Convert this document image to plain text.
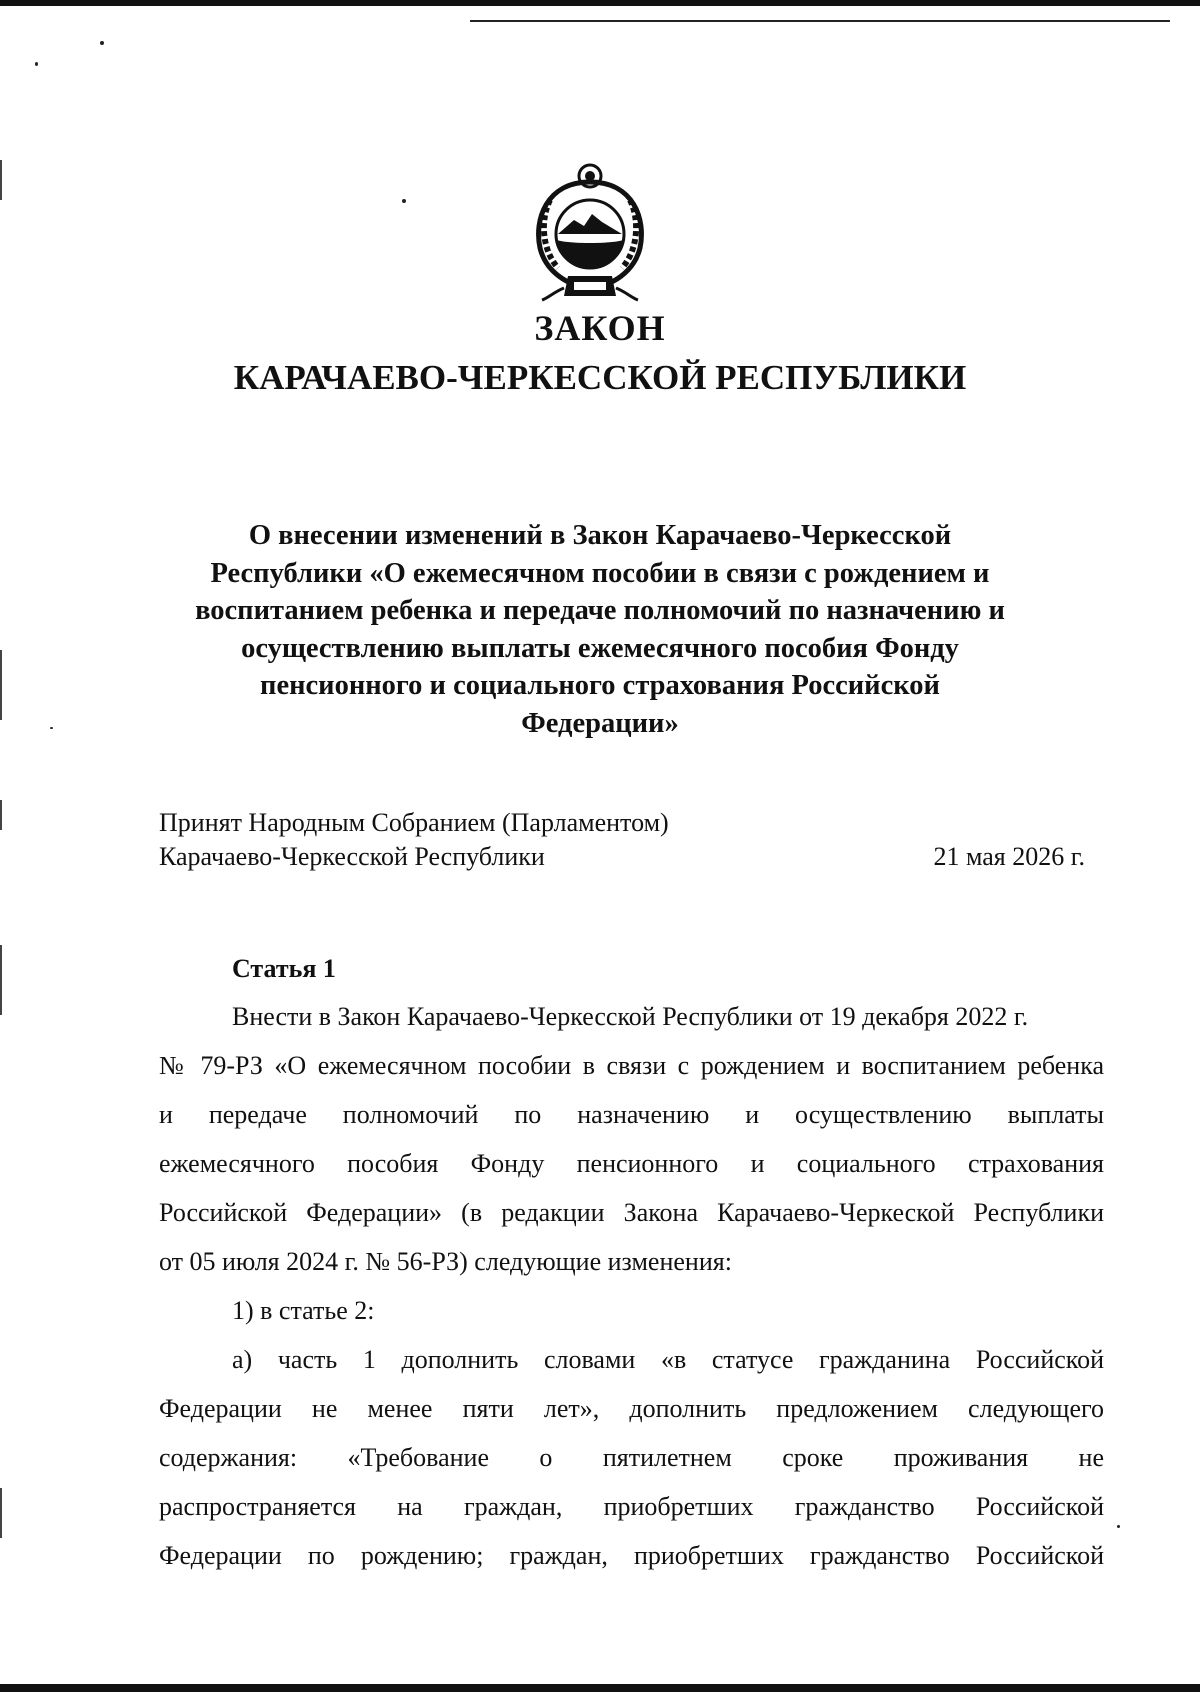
ЗАКОН
КАРАЧАЕВО-ЧЕРКЕССКОЙ РЕСПУБЛИКИ
О внесении изменений в Закон Карачаево-Черкесской
Республики «О ежемесячном пособии в связи с рождением и
воспитанием ребенка и передаче полномочий по назначению и
осуществлению выплаты ежемесячного пособия Фонду
пенсионного и социального страхования Российской
Федерации»
Принят Народным Собранием (Парламентом)
Карачаево-Черкесской Республики	21 мая 2026 г.
Статья 1
Внести в Закон Карачаево-Черкесской Республики от 19 декабря 2022 г.
№ 79-РЗ «О ежемесячном пособии в связи с рождением и воспитанием ребенка
и передаче полномочий по назначению и осуществлению выплаты
ежемесячного пособия Фонду пенсионного и социального страхования
Российской Федерации» (в редакции Закона Карачаево-Черкеской Республики
от 05 июля 2024 г. № 56-РЗ) следующие изменения:
1) в статье 2:
а) часть 1 дополнить словами «в статусе гражданина Российской
Федерации не менее пяти лет», дополнить предложением следующего
содержания: «Требование о пятилетнем сроке проживания не
распространяется на граждан, приобретших гражданство Российской
Федерации по рождению; граждан, приобретших гражданство Российской
